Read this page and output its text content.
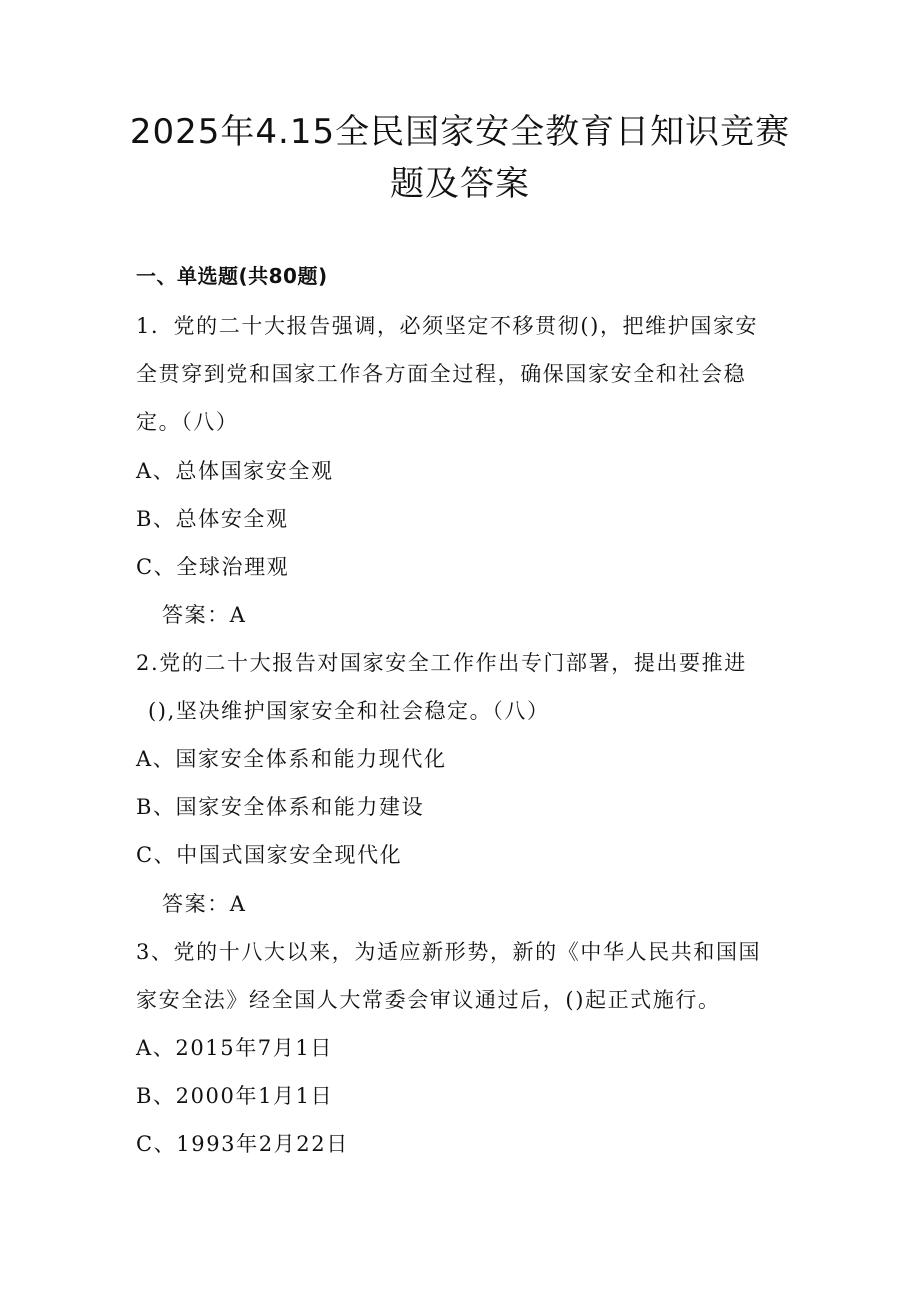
2025年4.15全民国家安全教育日知识竞赛
题及答案
一、单选题(共80题)
1．党的二十大报告强调，必须坚定不移贯彻()，把维护国家安
全贯穿到党和国家工作各方面全过程，确保国家安全和社会稳
定。（八）
A、总体国家安全观
B、总体安全观
C、全球治理观
答案：A
2.党的二十大报告对国家安全工作作出专门部署，提出要推进
(),坚决维护国家安全和社会稳定。（八）
A、国家安全体系和能力现代化
B、国家安全体系和能力建设
C、中国式国家安全现代化
答案：A
3、党的十八大以来，为适应新形势，新的《中华人民共和国国
家安全法》经全国人大常委会审议通过后，()起正式施行。
A、2015年7月1日
B、2000年1月1日
C、1993年2月22日
